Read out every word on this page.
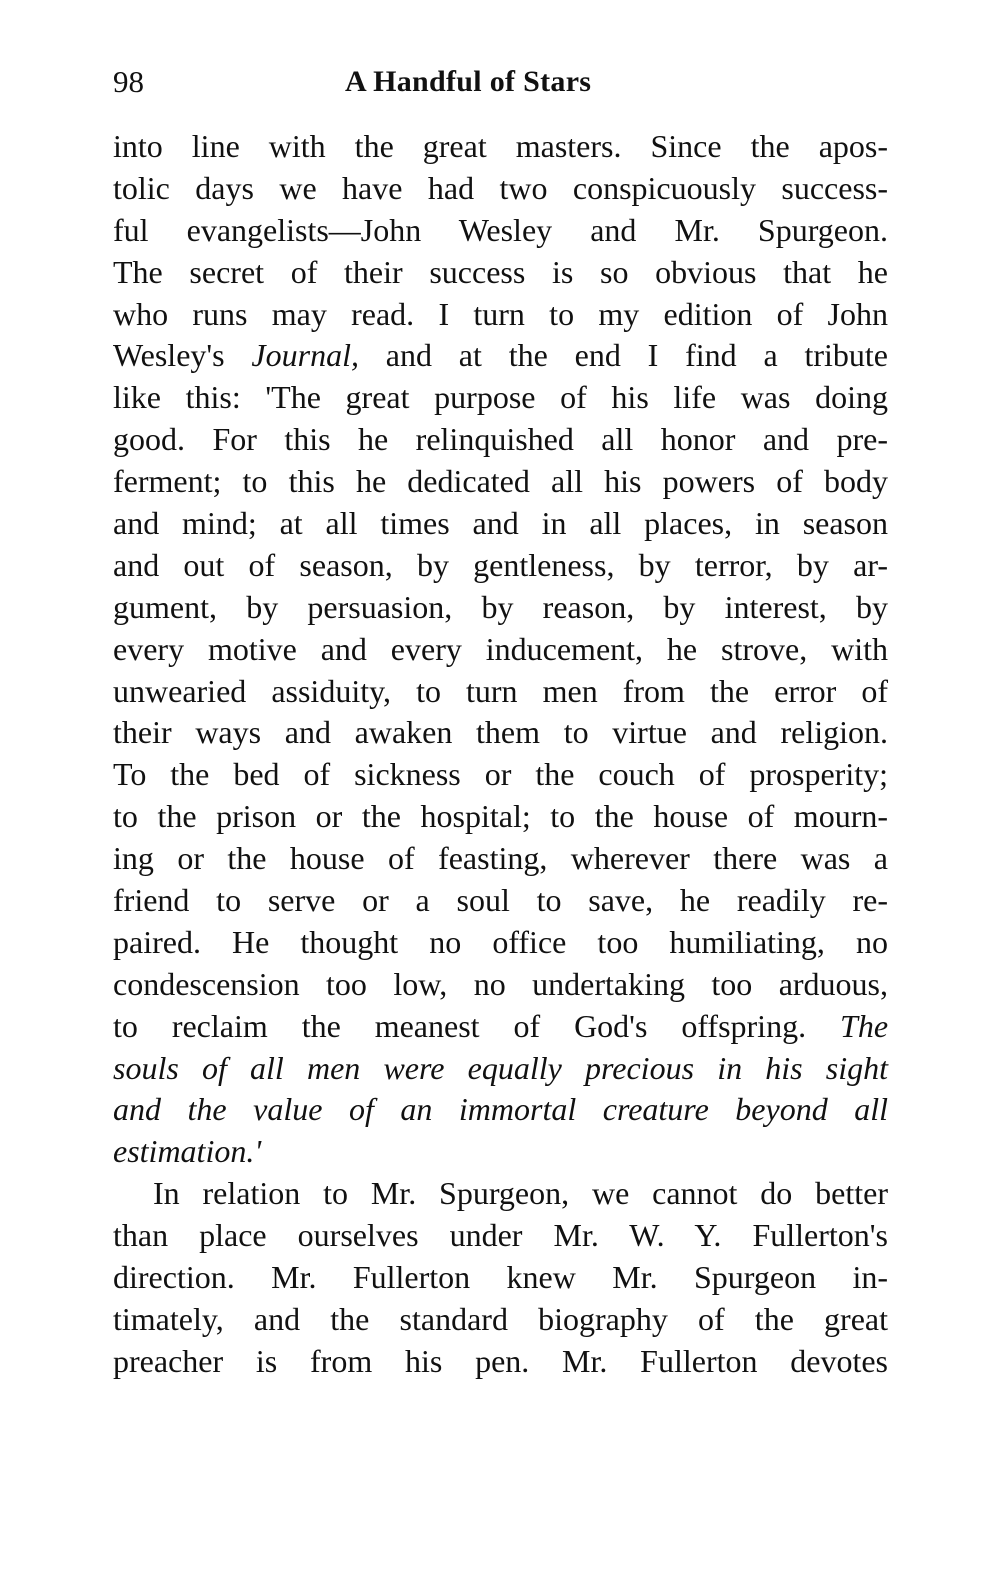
98	A Handful of Stars
into line with the great masters. Since the apos-
tolic days we have had two conspicuously success-
ful evangelists—John Wesley and Mr. Spurgeon.
The secret of their success is so obvious that he
who runs may read. I turn to my edition of John
Wesley's Journal, and at the end I find a tribute
like this: 'The great purpose of his life was doing
good. For this he relinquished all honor and pre-
ferment; to this he dedicated all his powers of body
and mind; at all times and in all places, in season
and out of season, by gentleness, by terror, by ar-
gument, by persuasion, by reason, by interest, by
every motive and every inducement, he strove, with
unwearied assiduity, to turn men from the error of
their ways and awaken them to virtue and religion.
To the bed of sickness or the couch of prosperity;
to the prison or the hospital; to the house of mourn-
ing or the house of feasting, wherever there was a
friend to serve or a soul to save, he readily re-
paired. He thought no office too humiliating, no
condescension too low, no undertaking too arduous,
to reclaim the meanest of God's offspring. The
souls of all men were equally precious in his sight
and the value of an immortal creature beyond all
estimation.'
In relation to Mr. Spurgeon, we cannot do better
than place ourselves under Mr. W. Y. Fullerton's
direction. Mr. Fullerton knew Mr. Spurgeon in-
timately, and the standard biography of the great
preacher is from his pen. Mr. Fullerton devotes
